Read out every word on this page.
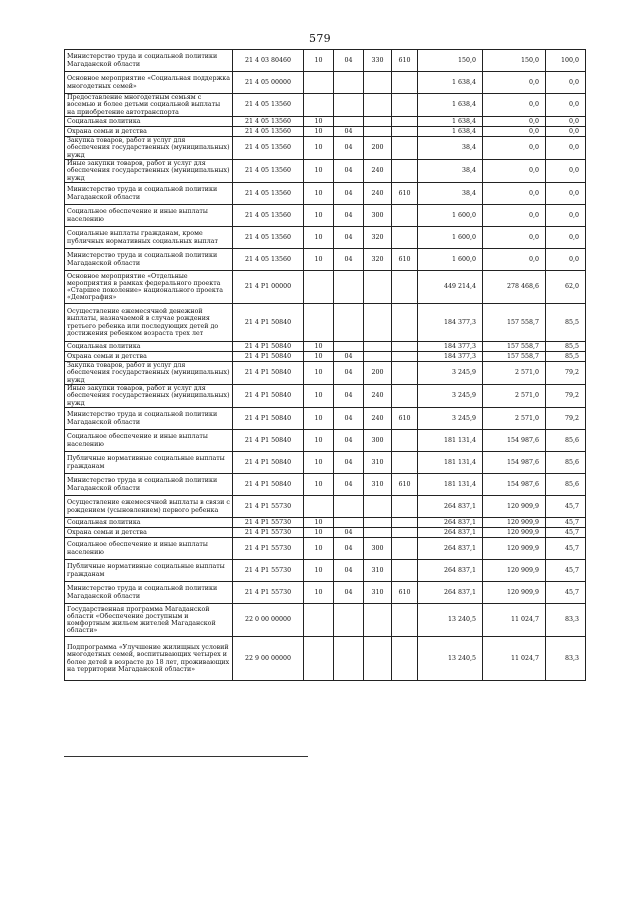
579
Министерство труда и социальной политики Магаданской области	21 4 03 80460	10	04	330	610	150,0	150,0	100,0
Основное мероприятие «Социальная поддержка многодетных семей»	21 4 05 00000					1 638,4	0,0	0,0
Предоставление многодетным семьям с восемью и более детьми социальной выплаты на приобретение автотранспорта	21 4 05 13560					1 638,4	0,0	0,0
Социальная политика	21 4 05 13560	10				1 638,4	0,0	0,0
Охрана семьи и детства	21 4 05 13560	10	04			1 638,4	0,0	0,0
Закупка товаров, работ и услуг для обеспечения государственных (муниципальных) нужд	21 4 05 13560	10	04	200		38,4	0,0	0,0
Иные закупки товаров, работ и услуг для обеспечения государственных (муниципальных) нужд	21 4 05 13560	10	04	240		38,4	0,0	0,0
Министерство труда и социальной политики Магаданской области	21 4 05 13560	10	04	240	610	38,4	0,0	0,0
Социальное обеспечение и иные выплаты населению	21 4 05 13560	10	04	300		1 600,0	0,0	0,0
Социальные выплаты гражданам, кроме публичных нормативных социальных выплат	21 4 05 13560	10	04	320		1 600,0	0,0	0,0
Министерство труда и социальной политики Магаданской области	21 4 05 13560	10	04	320	610	1 600,0	0,0	0,0
Основное мероприятие «Отдельные мероприятия в рамках федерального проекта «Старшее поколение» национального проекта «Демография»	21 4 P1 00000					449 214,4	278 468,6	62,0
Осуществление ежемесячной денежной выплаты, назначаемой в случае рождения третьего ребенка или последующих детей до достижения ребенком возраста трех лет	21 4 P1 50840					184 377,3	157 558,7	85,5
Социальная политика	21 4 P1 50840	10				184 377,3	157 558,7	85,5
Охрана семьи и детства	21 4 P1 50840	10	04			184 377,3	157 558,7	85,5
Закупка товаров, работ и услуг для обеспечения государственных (муниципальных) нужд	21 4 P1 50840	10	04	200		3 245,9	2 571,0	79,2
Иные закупки товаров, работ и услуг для обеспечения государственных (муниципальных) нужд	21 4 P1 50840	10	04	240		3 245,9	2 571,0	79,2
Министерство труда и социальной политики Магаданской области	21 4 P1 50840	10	04	240	610	3 245,9	2 571,0	79,2
Социальное обеспечение и иные выплаты населению	21 4 P1 50840	10	04	300		181 131,4	154 987,6	85,6
Публичные нормативные социальные выплаты гражданам	21 4 P1 50840	10	04	310		181 131,4	154 987,6	85,6
Министерство труда и социальной политики Магаданской области	21 4 P1 50840	10	04	310	610	181 131,4	154 987,6	85,6
Осуществление ежемесячной выплаты в связи с рождением (усыновлением) первого ребенка	21 4 P1 55730					264 837,1	120 909,9	45,7
Социальная политика	21 4 P1 55730	10				264 837,1	120 909,9	45,7
Охрана семьи и детства	21 4 P1 55730	10	04			264 837,1	120 909,9	45,7
Социальное обеспечение и иные выплаты населению	21 4 P1 55730	10	04	300		264 837,1	120 909,9	45,7
Публичные нормативные социальные выплаты гражданам	21 4 P1 55730	10	04	310		264 837,1	120 909,9	45,7
Министерство труда и социальной политики Магаданской области	21 4 P1 55730	10	04	310	610	264 837,1	120 909,9	45,7
Государственная программа Магаданской области «Обеспечение доступным и комфортным жильем жителей Магаданской области»	22 0 00 00000					13 240,5	11 024,7	83,3
Подпрограмма «Улучшение жилищных условий многодетных семей, воспитывающих четырех и более детей в возрасте до 18 лет, проживающих на территории Магаданской области»	22 9 00 00000					13 240,5	11 024,7	83,3
